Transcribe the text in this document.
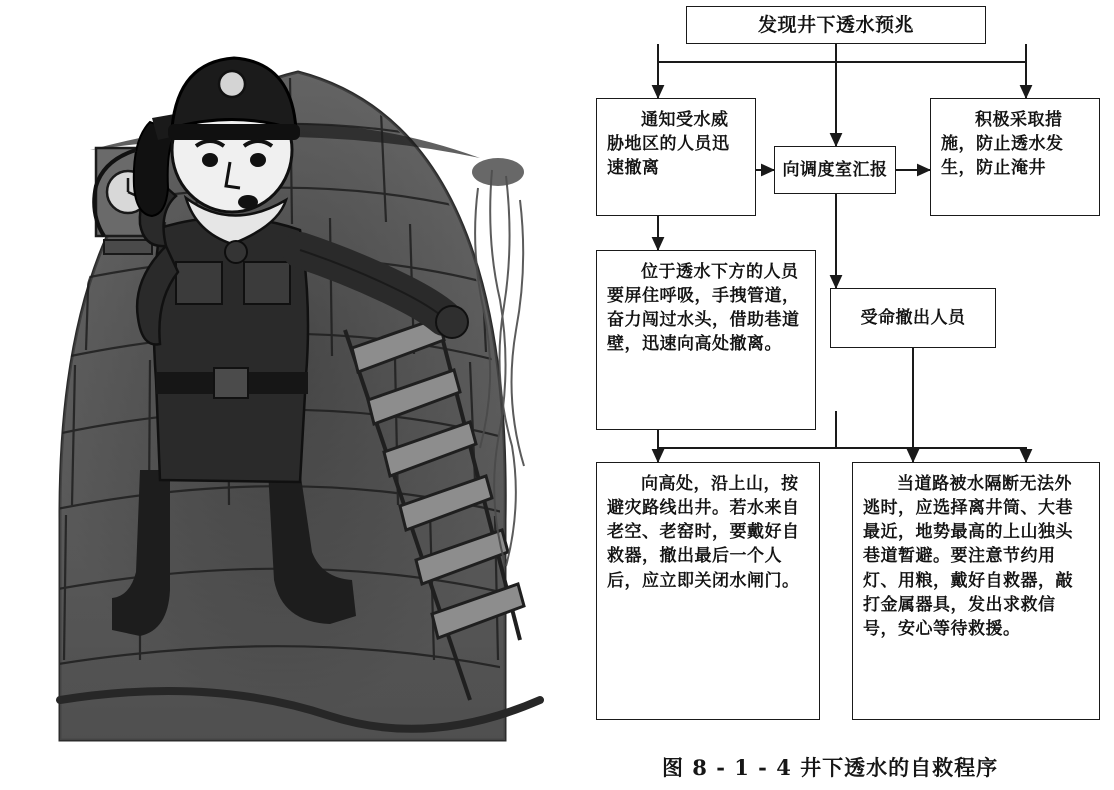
发现井下透水预兆
通知受水威胁地区的人员迅速撤离	向调度室汇报
积极采取措施，防止透水发生，防止淹井
位于透水下方的人员要屏住呼吸，手拽管道，奋力闯过水头，借助巷道壁，迅速向高处撤离。
受命撤出人员
向高处，沿上山，按避灾路线出井。若水来自老空、老窑时，要戴好自救器，撤出最后一个人后，应立即关闭水闸门。
当道路被水隔断无法外逃时，应选择离井筒、大巷最近，地势最高的上山独头巷道暂避。要注意节约用灯、用粮，戴好自救器，敲打金属器具，发出求救信号，安心等待救援。
图 8 - 1 - 4 井下透水的自救程序
